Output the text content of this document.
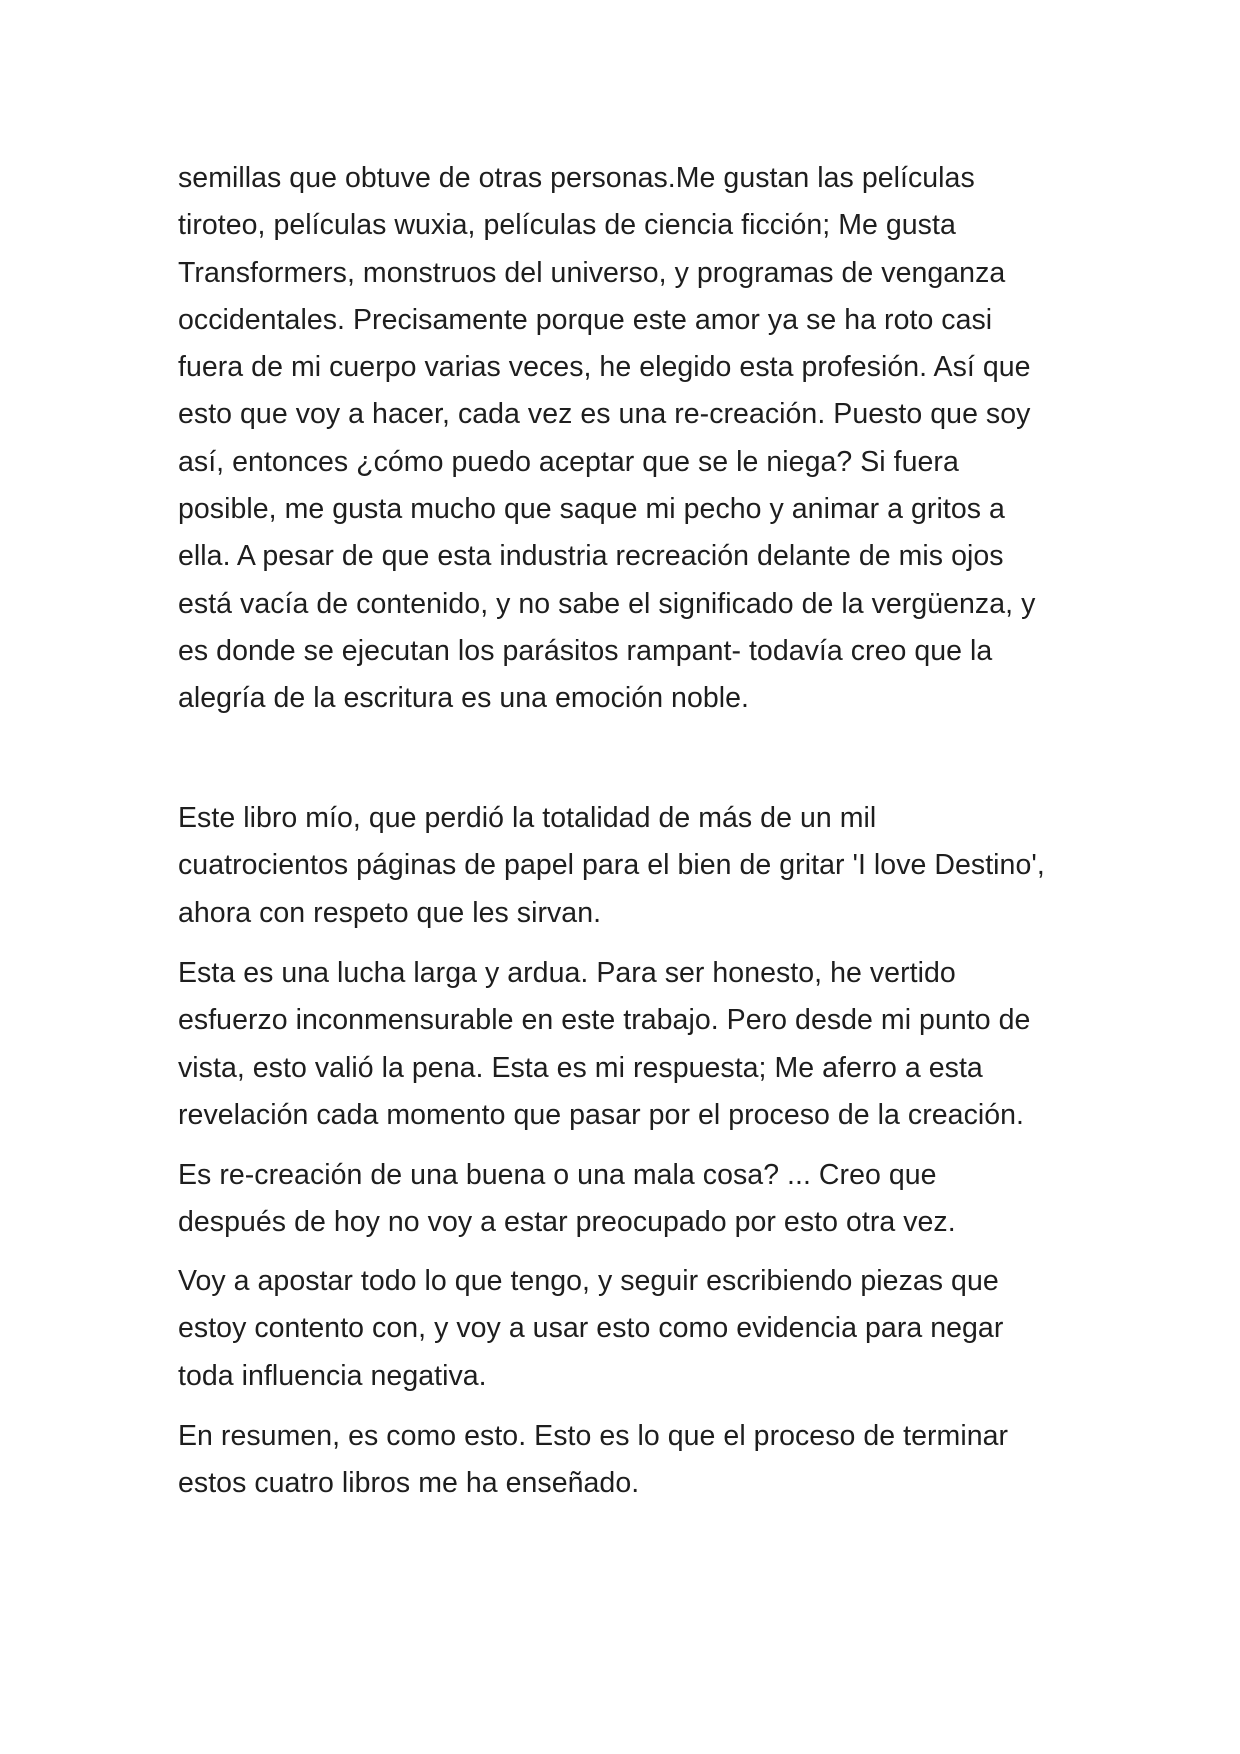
semillas que obtuve de otras personas.Me gustan las películas
tiroteo, películas wuxia, películas de ciencia ficción; Me gusta
Transformers, monstruos del universo, y programas de venganza
occidentales. Precisamente porque este amor ya se ha roto casi
fuera de mi cuerpo varias veces, he elegido esta profesión. Así que
esto que voy a hacer, cada vez es una re-creación. Puesto que soy
así, entonces ¿cómo puedo aceptar que se le niega? Si fuera
posible, me gusta mucho que saque mi pecho y animar a gritos a
ella. A pesar de que esta industria recreación delante de mis ojos
está vacía de contenido, y no sabe el significado de la vergüenza, y
es donde se ejecutan los parásitos rampant- todavía creo que la
alegría de la escritura es una emoción noble.

Este libro mío, que perdió la totalidad de más de un mil
cuatrocientos páginas de papel para el bien de gritar 'I love Destino',
ahora con respeto que les sirvan.

Esta es una lucha larga y ardua. Para ser honesto, he vertido
esfuerzo inconmensurable en este trabajo. Pero desde mi punto de
vista, esto valió la pena. Esta es mi respuesta; Me aferro a esta
revelación cada momento que pasar por el proceso de la creación.

Es re-creación de una buena o una mala cosa? ... Creo que
después de hoy no voy a estar preocupado por esto otra vez.

Voy a apostar todo lo que tengo, y seguir escribiendo piezas que
estoy contento con, y voy a usar esto como evidencia para negar
toda influencia negativa.

En resumen, es como esto. Esto es lo que el proceso de terminar
estos cuatro libros me ha enseñado.
